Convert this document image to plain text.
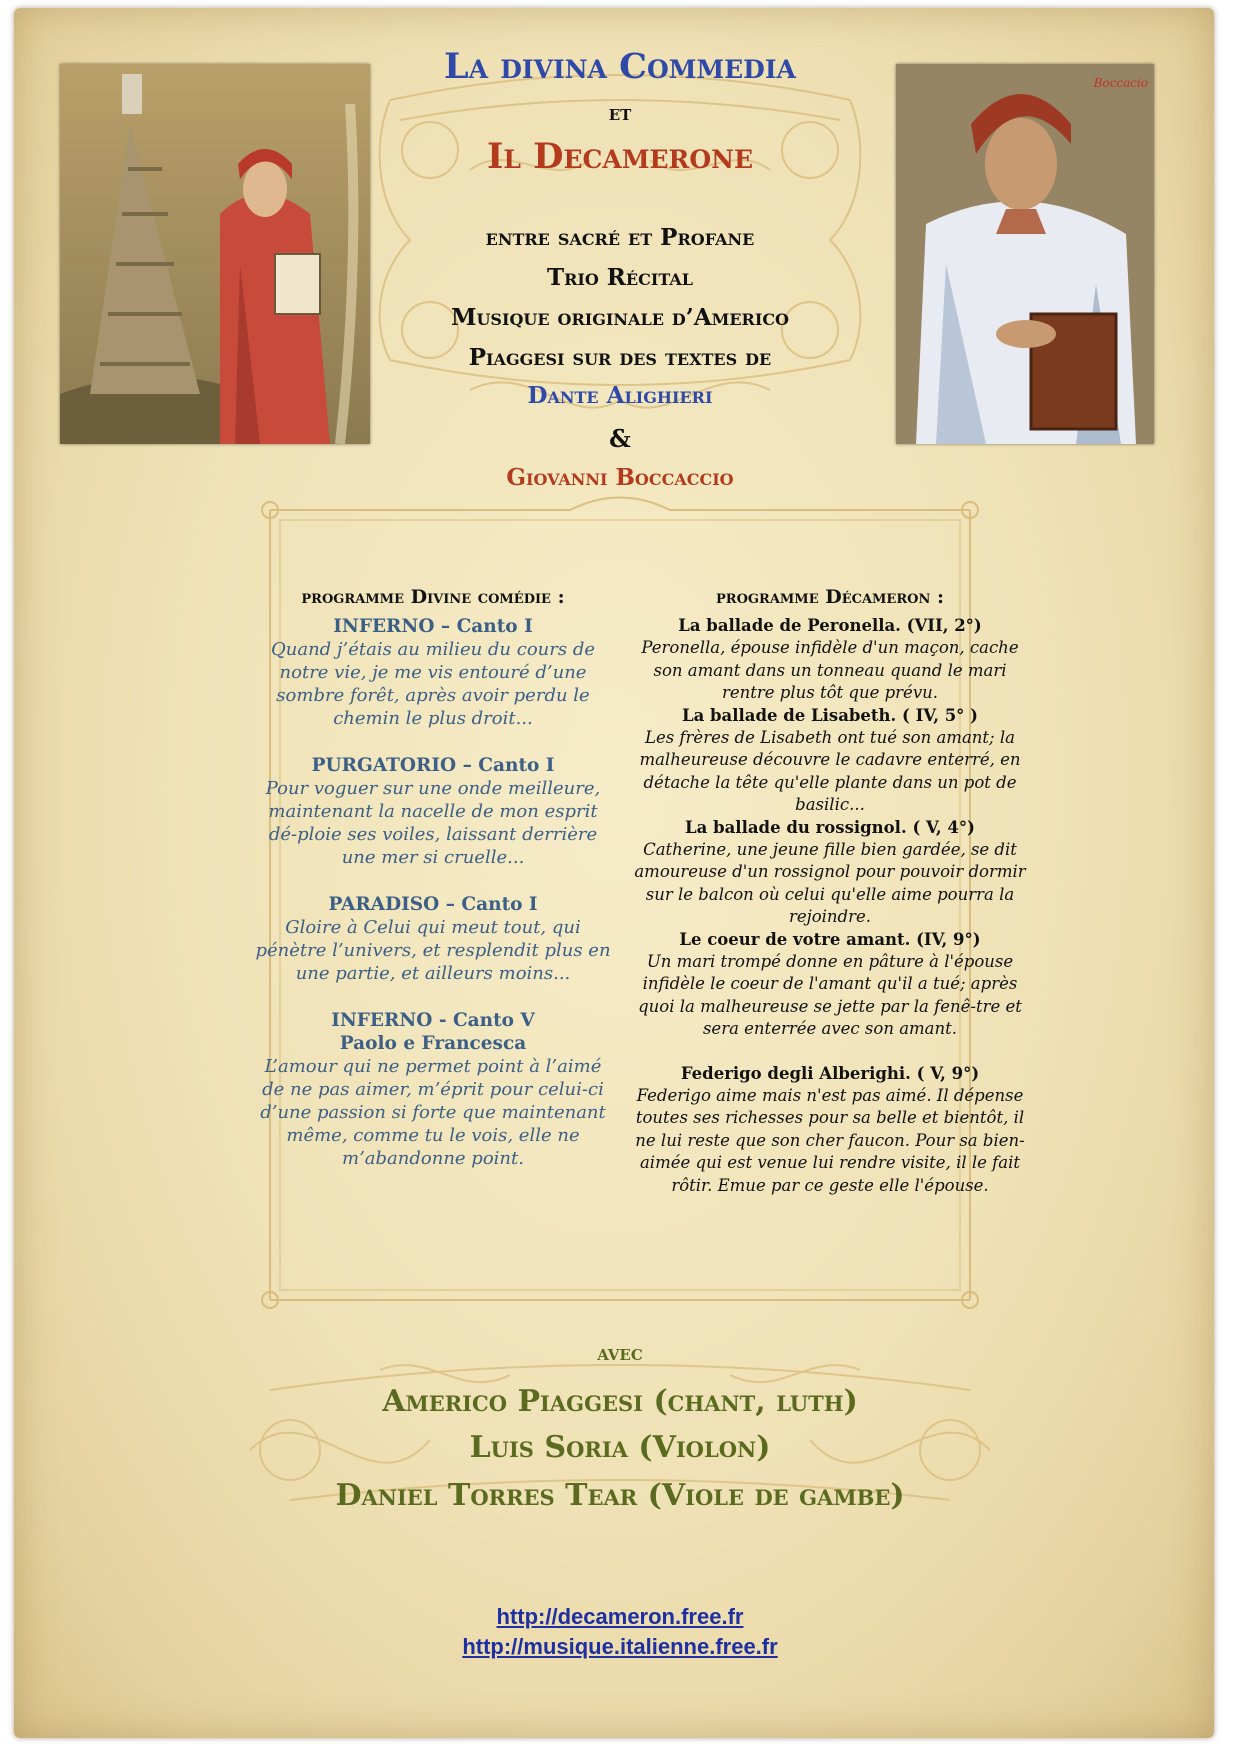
Boccacio
La divina Commedia
et
Il Decamerone
entre sacré et Profane
Trio Récital
Musique originale d’Americo
Piaggesi sur des textes de
Dante Alighieri
&
Giovanni Boccaccio
programme Divine comédie :
INFERNO – Canto I
Quand j’étais au milieu du cours de notre vie, je me vis entouré d’une sombre forêt, après avoir perdu le chemin le plus droit...
PURGATORIO – Canto I
Pour voguer sur une onde meilleure, maintenant la nacelle de mon esprit dé-ploie ses voiles, laissant derrière une mer si cruelle...
PARADISO – Canto I
Gloire à Celui qui meut tout, qui pénètre l’univers, et resplendit plus en une partie, et ailleurs moins...
INFERNO - Canto V
Paolo e Francesca
L’amour qui ne permet point à l’aimé de ne pas aimer, m’éprit pour celui-ci d’une passion si forte que maintenant même, comme tu le vois, elle ne m’abandonne point.
programme Décameron :
La ballade de Peronella. (VII, 2°)
Peronella, épouse infidèle d'un maçon, cache son amant dans un tonneau quand le mari rentre plus tôt que prévu.
La ballade de Lisabeth. ( IV, 5° )
Les frères de Lisabeth ont tué son amant; la malheureuse découvre le cadavre enterré, en détache la tête qu'elle plante dans un pot de basilic...
La ballade du rossignol. ( V, 4°)
Catherine, une jeune fille bien gardée, se dit amoureuse d'un rossignol pour pouvoir dormir sur le balcon où celui qu'elle aime pourra la rejoindre.
Le coeur de votre amant. (IV, 9°)
Un mari trompé donne en pâture à l'épouse infidèle le coeur de l'amant qu'il a tué; après quoi la malheureuse se jette par la fenê-tre et sera enterrée avec son amant.
Federigo degli Alberighi. ( V, 9°)
Federigo aime mais n'est pas aimé. Il dépense toutes ses richesses pour sa belle et bientôt, il ne lui reste que son cher faucon. Pour sa bien-aimée qui est venue lui rendre visite, il le fait rôtir. Emue par ce geste elle l'épouse.
avec
Americo Piaggesi (chant, luth)
Luis Soria (Violon)
Daniel Torres Tear (Viole de gambe)
http://decameron.free.fr
http://musique.italienne.free.fr
